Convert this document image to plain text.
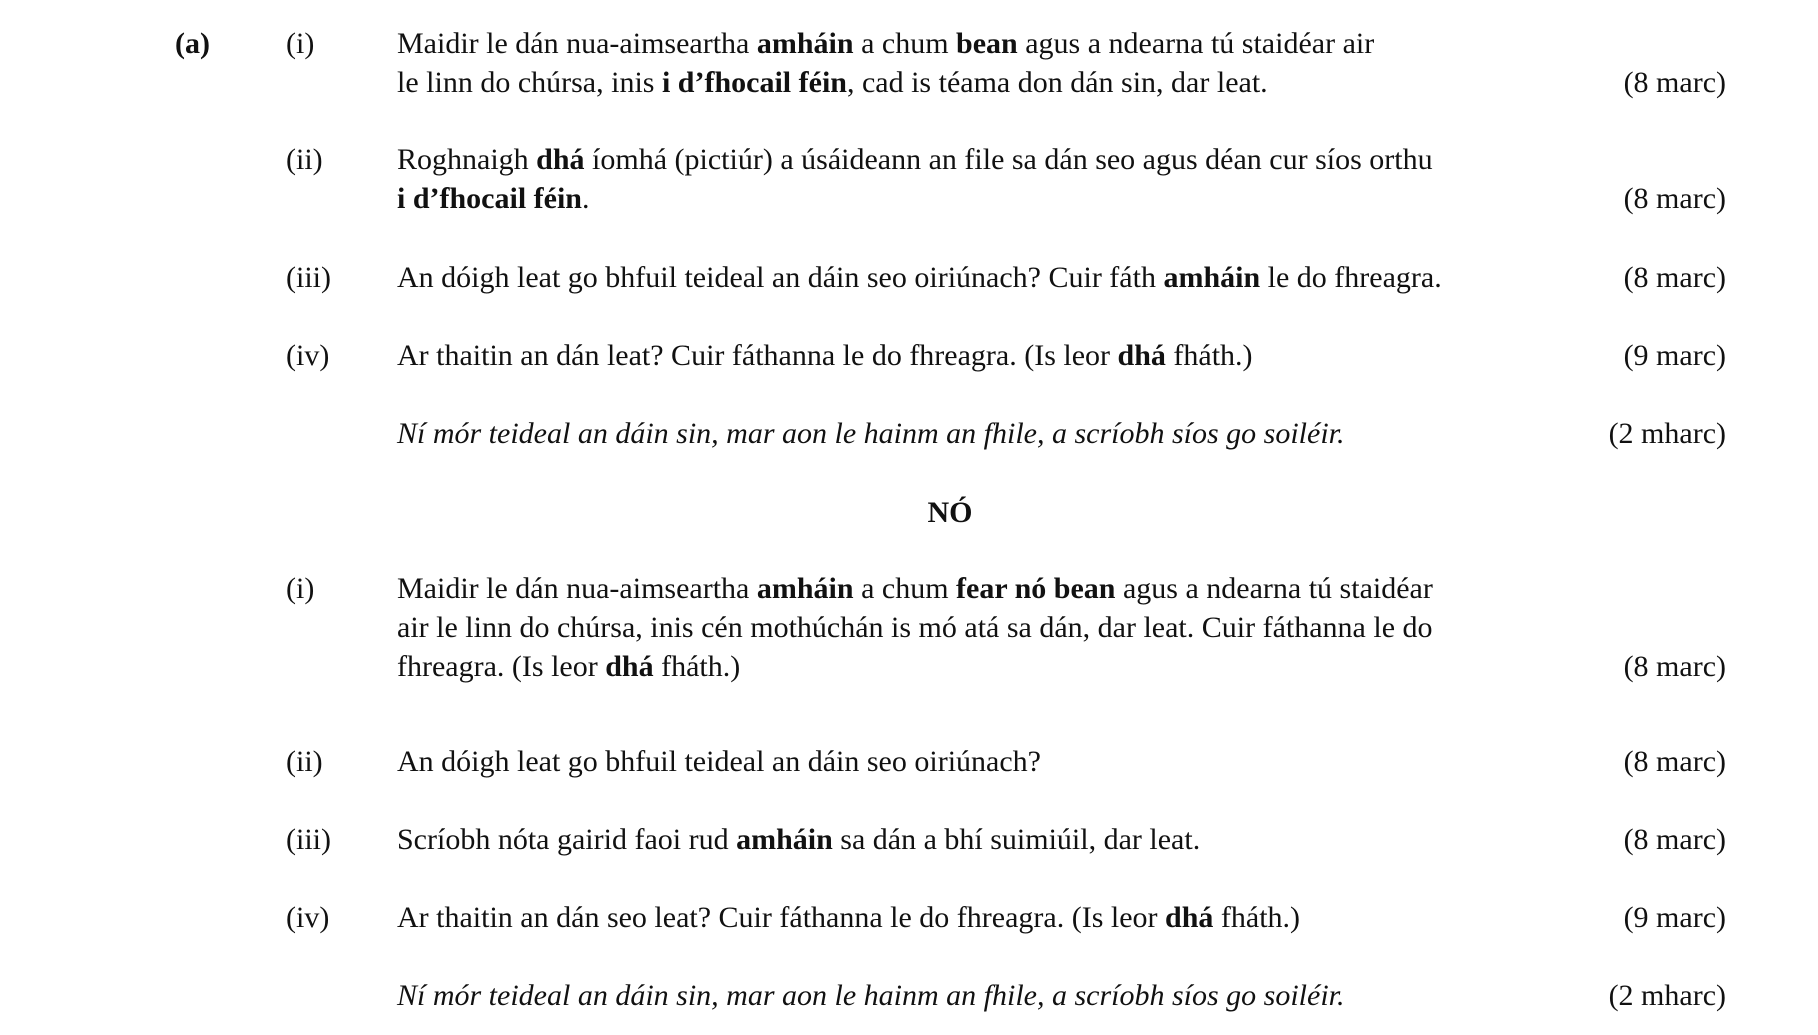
(a)	(i)	Maidir le dán nua-aimseartha amháin a chum bean agus a ndearna tú staidéar air
le linn do chúrsa, inis i d’fhocail féin, cad is téama don dán sin, dar leat.	(8 marc)
(ii) Roghnaigh dhá íomhá (pictiúr) a úsáideann an file sa dán seo agus déan cur síos orthu
i d’fhocail féin.	(8 marc)
(iii) An dóigh leat go bhfuil teideal an dáin seo oiriúnach? Cuir fáth amháin le do fhreagra.	(8 marc)
(iv) Ar thaitin an dán leat? Cuir fáthanna le do fhreagra. (Is leor dhá fháth.)	(9 marc)
Ní mór teideal an dáin sin, mar aon le hainm an fhile, a scríobh síos go soiléir.	(2 mharc)
NÓ
(i)	Maidir le dán nua-aimseartha amháin a chum fear nó bean agus a ndearna tú staidéar
air le linn do chúrsa, inis cén mothúchán is mó atá sa dán, dar leat. Cuir fáthanna le do
fhreagra. (Is leor dhá fháth.)	(8 marc)
(ii) An dóigh leat go bhfuil teideal an dáin seo oiriúnach?	(8 marc)
(iii) Scríobh nóta gairid faoi rud amháin sa dán a bhí suimiúil, dar leat.	(8 marc)
(iv) Ar thaitin an dán seo leat? Cuir fáthanna le do fhreagra. (Is leor dhá fháth.)	(9 marc)
Ní mór teideal an dáin sin, mar aon le hainm an fhile, a scríobh síos go soiléir.	(2 mharc)
